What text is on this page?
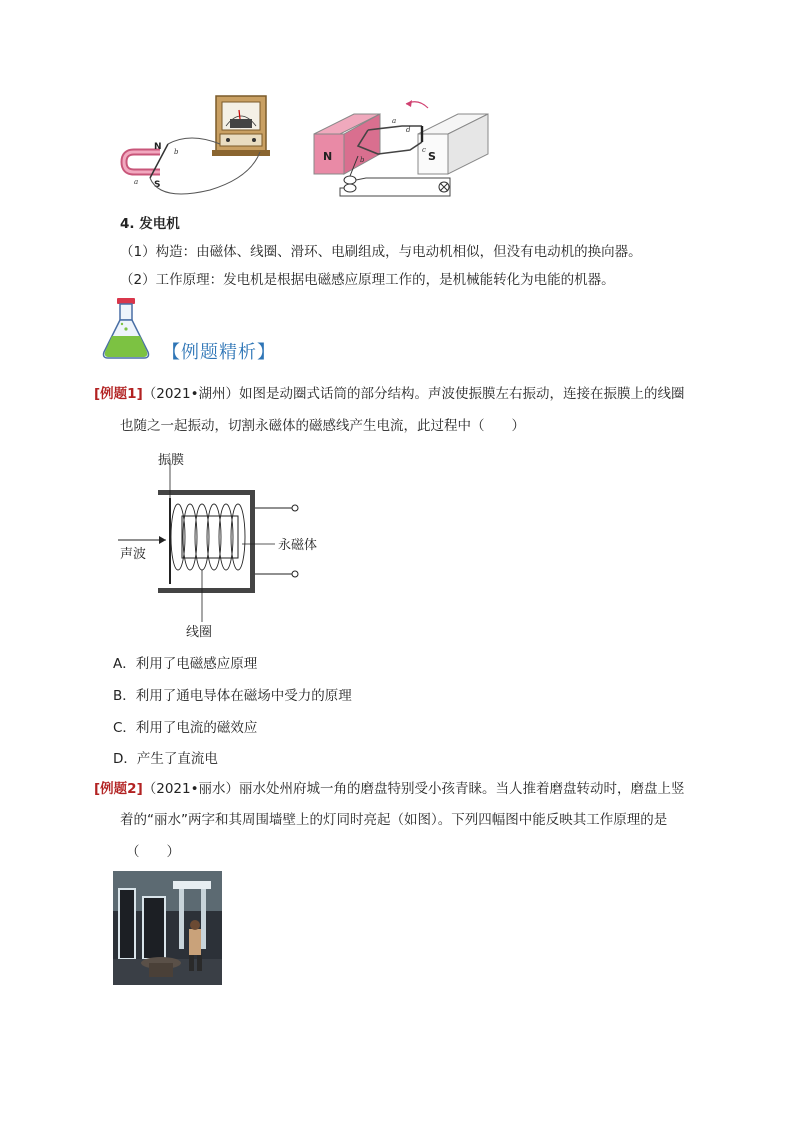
N
S
a
b	N	S
a
b
c
d
4. 发电机
（1）构造：由磁体、线圈、滑环、电刷组成，与电动机相似，但没有电动机的换向器。
（2）工作原理：发电机是根据电磁感应原理工作的，是机械能转化为电能的机器。
【例题精析】
[例题1]（2021•湖州）如图是动圈式话筒的部分结构。声波使振膜左右振动，连接在振膜上的线圈
也随之一起振动，切割永磁体的磁感线产生电流，此过程中（　　）
振膜
声波
永磁体
线圈
A．利用了电磁感应原理
B．利用了通电导体在磁场中受力的原理
C．利用了电流的磁效应
D．产生了直流电
[例题2]（2021•丽水）丽水处州府城一角的磨盘特别受小孩青睐。当人推着磨盘转动时，磨盘上竖
着的“丽水”两字和其周围墙壁上的灯同时亮起（如图）。下列四幅图中能反映其工作原理的是
（　　）
